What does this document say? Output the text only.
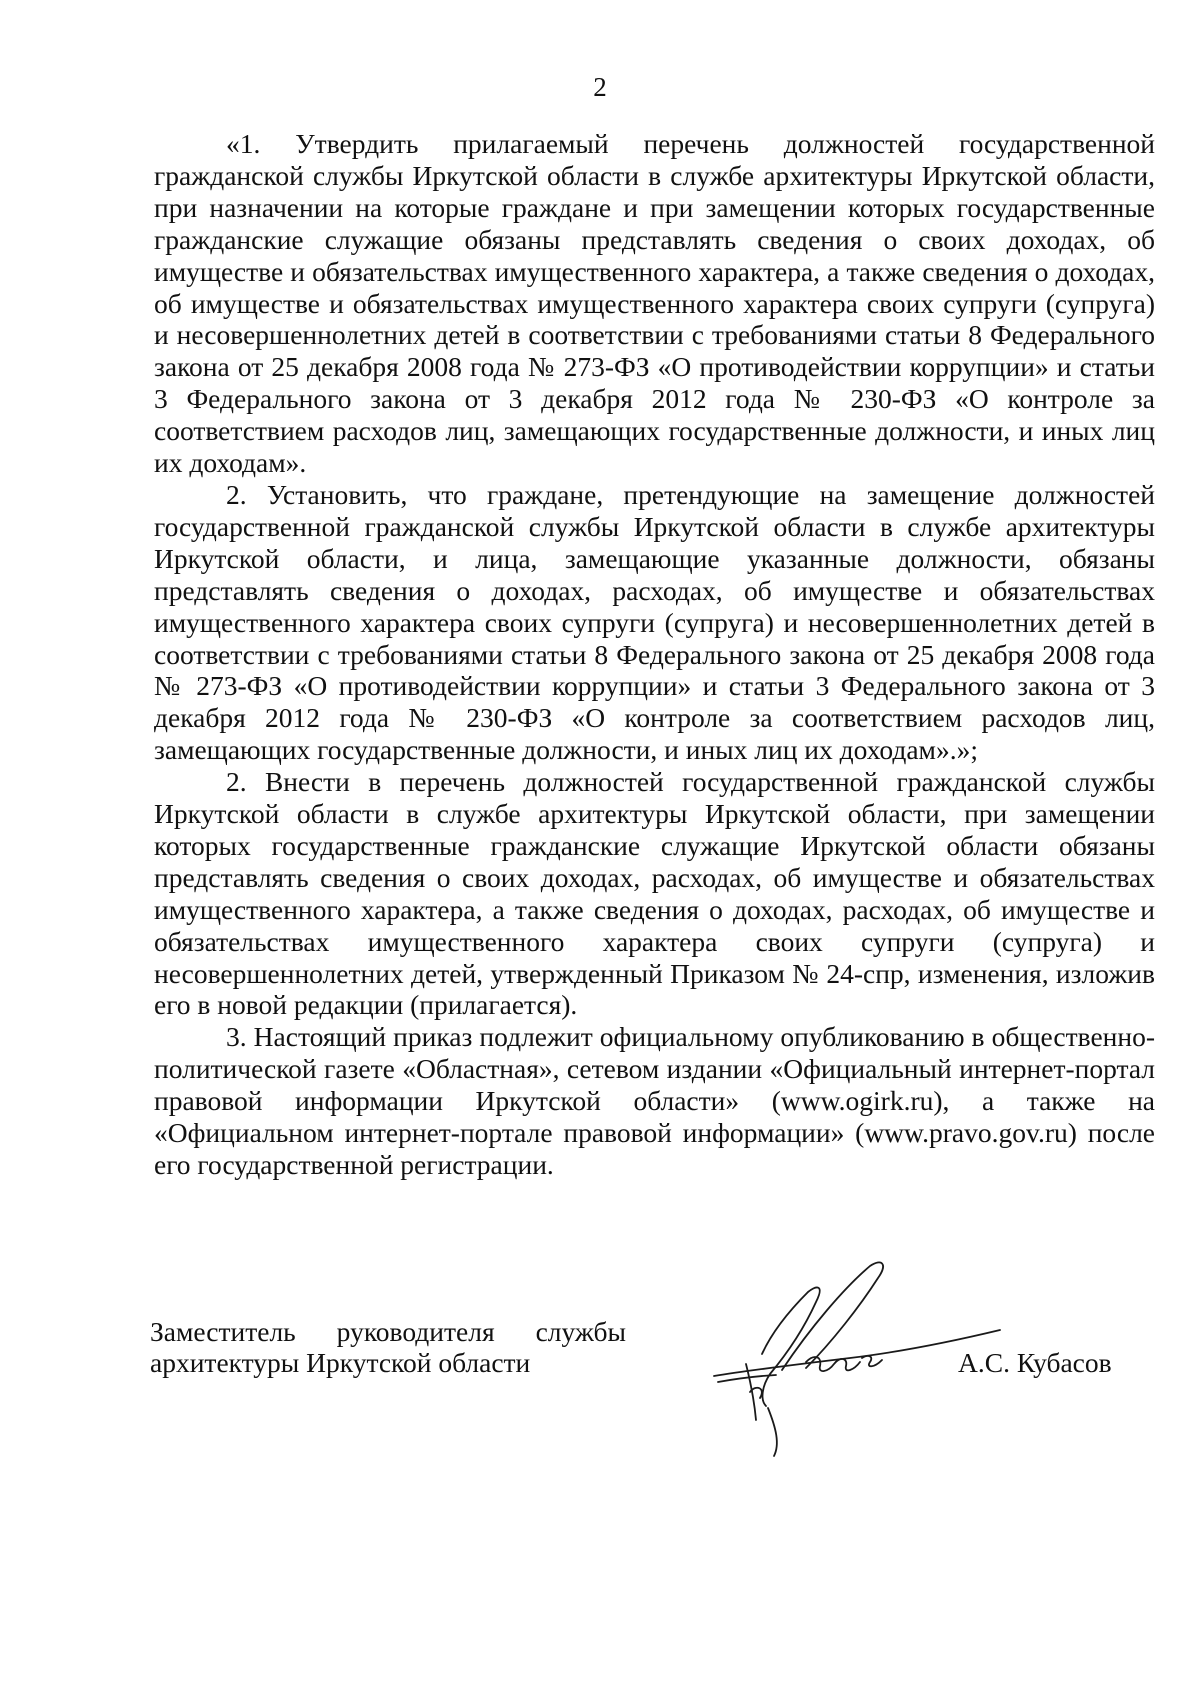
2

«1. Утвердить прилагаемый перечень должностей государственной гражданской службы Иркутской области в службе архитектуры Иркутской области, при назначении на которые граждане и при замещении которых государственные гражданские служащие обязаны представлять сведения о своих доходах, об имуществе и обязательствах имущественного характера, а также сведения о доходах, об имуществе и обязательствах имущественного характера своих супруги (супруга) и несовершеннолетних детей в соответствии с требованиями статьи 8 Федерального закона от 25 декабря 2008 года № 273-ФЗ «О противодействии коррупции» и статьи 3 Федерального закона от 3 декабря 2012 года № 230-ФЗ «О контроле за соответствием расходов лиц, замещающих государственные должности, и иных лиц их доходам».

2. Установить, что граждане, претендующие на замещение должностей государственной гражданской службы Иркутской области в службе архитектуры Иркутской области, и лица, замещающие указанные должности, обязаны представлять сведения о доходах, расходах, об имуществе и обязательствах имущественного характера своих супруги (супруга) и несовершеннолетних детей в соответствии с требованиями статьи 8 Федерального закона от 25 декабря 2008 года № 273-ФЗ «О противодействии коррупции» и статьи 3 Федерального закона от 3 декабря 2012 года № 230-ФЗ «О контроле за соответствием расходов лиц, замещающих государственные должности, и иных лиц их доходам».»;

2. Внести в перечень должностей государственной гражданской службы Иркутской области в службе архитектуры Иркутской области, при замещении которых государственные гражданские служащие Иркутской области обязаны представлять сведения о своих доходах, расходах, об имуществе и обязательствах имущественного характера, а также сведения о доходах, расходах, об имуществе и обязательствах имущественного характера своих супруги (супруга) и несовершеннолетних детей, утвержденный Приказом № 24-спр, изменения, изложив его в новой редакции (прилагается).

3. Настоящий приказ подлежит официальному опубликованию в общественно-политической газете «Областная», сетевом издании «Официальный интернет-портал правовой информации Иркутской области» (www.ogirk.ru), а также на «Официальном интернет-портале правовой информации» (www.pravo.gov.ru) после его государственной регистрации.

Заместитель руководителя службы
архитектуры Иркутской области	А.С. Кубасов
